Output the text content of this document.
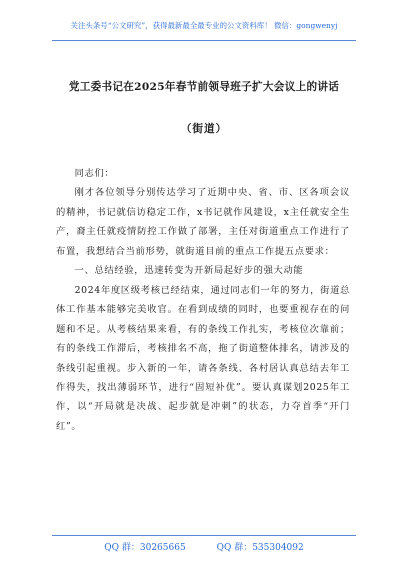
关注头条号“公文研究”，获得最新最全最专业的公文资料库！ 微信：gongwenyj
党工委书记在2025年春节前领导班子扩大会议上的讲话
（街道）

同志们：

刚才各位领导分别传达学习了近期中央、省、市、区各项会议的精神，书记就信访稳定工作，x书记就作风建设，x主任就安全生产，裔主任就疫情防控工作做了部署，主任对街道重点工作进行了布置，我想结合当前形势，就街道目前的重点工作提五点要求：

一、总结经验，迅速转变为开新局起好步的强大动能

2024年度区级考核已经结束，通过同志们一年的努力，街道总体工作基本能够完美收官。在看到成绩的同时，也要重视存在的问题和不足。从考核结果来看，有的条线工作扎实，考核位次靠前；有的条线工作滞后，考核排名不高，拖了街道整体排名，请涉及的条线引起重视。步入新的一年，请各条线、各村居认真总结去年工作得失，找出薄弱环节，进行“固短补优”。要认真谋划2025年工作，以“开局就是决战、起步就是冲刺”的状态，力夺首季“开门红”。

QQ 群：30265665	QQ 群：535304092
